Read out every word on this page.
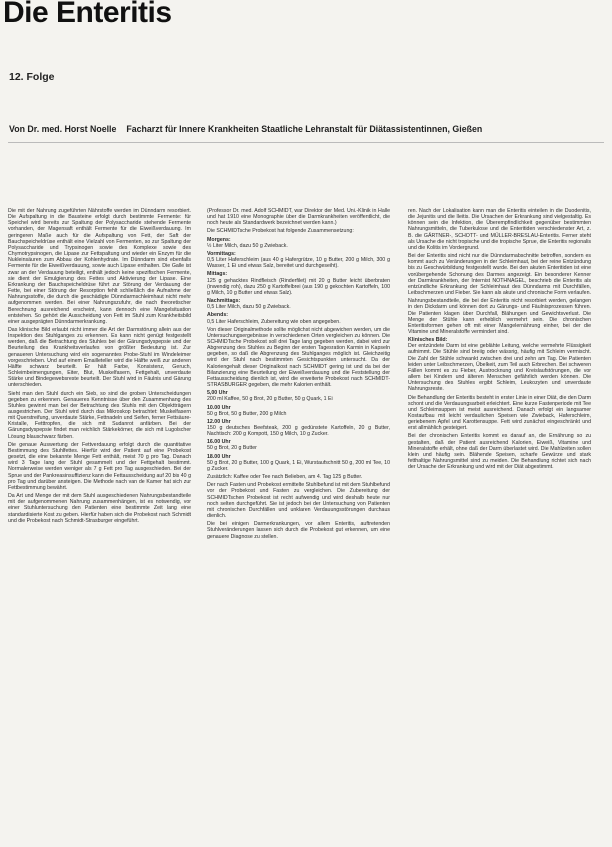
Die Enteritis
12. Folge
Von Dr. med. Horst Noelle Facharzt für Innere Krankheiten Staatliche Lehranstalt für Diätassistentinnen, Gießen

Die mit der Nahrung zugeführten Nährstoffe werden im Dünndarm resorbiert. Die Aufspaltung in die Bausteine erfolgt durch bestimmte Fermente: für Speichel wird bereits zur Spaltung der Polysaccharide stehende Fermente vorhanden, der Magensaft enthält Fermente für die Eiweißverdauung. Im geringeren Maße auch für die Aufspaltung von Fett, der Saft der Bauchspeicheldrüse enthält eine Vielzahl von Fermenten, so zur Spaltung der Polysaccharide und Trypsinogen sowie des Komplexe sowie des Chymotrypsinogen, die Lipase zur Fettspaltung und wieder ein Enzym für die Nukleinsäuren zum Abbau der Kohlenhydrate. Im Dünndarm sind ebenfalls Fermente für die Eiweißverdauung, sowie auch Lipase enthalten. Die Galle ist zwar an der Verdauung beteiligt, enthält jedoch keine spezifischen Fermente, sie dient der Emulgierung des Fettes und Aktivierung der Lipase. Eine Erkrankung der Bauchspeicheldrüse führt zur Störung der Verdauung der Fette, bei einer Störung der Resorption fehlt schließlich die Aufnahme der Nahrungsstoffe, die durch die geschädigte Dünndarmschleimhaut nicht mehr aufgenommen werden. Bei einer Nahrungszufuhr, die nach theoretischer Berechnung ausreichend erscheint, kann dennoch eine Mangelsituation entstehen. So gehört die Ausscheidung von Fett im Stuhl zum Krankheitsbild einer ausgeprägten Dünndarmerkrankung.

Das klinische Bild erlaubt nicht immer die Art der Darmstörung allein aus der Inspektion des Stuhlganges zu erkennen. Es kann nicht genügt festgestellt werden, daß die Betrachtung des Stuhles bei der Gärungsdyspepsie und der Beurteilung des Krankheitsverlaufes von größter Bedeutung ist. Zur genaueren Untersuchung wird ein sogenanntes Probe-Stuhl im Windeleimer vorgeschrieben. Und auf einem Emailleteller wird die Hälfte weiß zur anderen Hälfte schwarz beurteilt. Er hält Farbe, Konsistenz, Geruch, Schleimbeimengungen, Eiter, Blut, Muskelfasern, Fettgehalt, unverdaute Stärke und Bindegewebsreste beurteilt. Der Stuhl wird in Fäulnis und Gärung unterschieden.

Sieht man den Stuhl durch ein Sieb, so sind die groben Unterscheidungen gegeben zu erkennen. Genaueres Kenntnisse über den Zusammenhang des Stuhles gewinnt man bei der Betrachtung des Stuhls mit den Objektträgern ausgestrichen. Der Stuhl wird durch das Mikroskop betrachtet: Muskelfasern mit Querstreifung, unverdaute Stärke, Fettnadeln und Seifen, ferner Fettsäure-Kristalle, Fetttropfen, die sich mit Sudanrot anfärben. Bei der Gärungsdyspepsie findet man reichlich Stärkekörner, die sich mit Lugolscher Lösung blauschwarz färben.

Die genaue Auswertung der Fettverdauung erfolgt durch die quantitative Bestimmung des Stuhlfettes. Hierfür wird der Patient auf eine Probekost gesetzt, die eine bekannte Menge Fett enthält, meist 70 g pro Tag. Danach wird 3 Tage lang der Stuhl gesammelt und der Fettgehalt bestimmt. Normalerweise werden weniger als 7 g Fett pro Tag ausgeschieden. Bei der Sprue und der Pankreasinsuffizienz kann die Fettausscheidung auf 20 bis 40 g pro Tag und darüber ansteigen. Die Methode nach van de Kamer hat sich zur Fettbestimmung bewährt.

Da Art und Menge der mit dem Stuhl ausgeschiedenen Nahrungsbestandteile mit der aufgenommenen Nahrung zusammenhängen, ist es notwendig, vor einer Stuhluntersuchung den Patienten eine bestimmte Zeit lang eine standardisierte Kost zu geben. Hierfür haben sich die Probekost nach Schmidt und die Probekost nach Schmidt-Strasburger eingeführt.

(Professor Dr. med. Adolf SCHMIDT, war Direktor der Med. Uni.-Klinik in Halle und hat 1910 eine Monographie über die Darmkrankheiten veröffentlicht, die noch heute als Standardwerk bezeichnet werden kann.)

Die SCHMIDTsche Probekost hat folgende Zusammensetzung:

Morgens:

½ Liter Milch, dazu 50 g Zwieback.

Vormittags:

0,5 Liter Haferschleim (aus 40 g Hafergrütze, 10 g Butter, 200 g Milch, 300 g Wasser, 1 Ei und etwas Salz, bereitet und durchgeseiht).

Mittags:

125 g gehacktes Rindfleisch (Rinderfilet) mit 20 g Butter leicht überbraten (inwendig roh), dazu 250 g Kartoffelbrei (aus 190 g gekochten Kartoffeln, 100 g Milch, 10 g Butter und etwas Salz).

Nachmittags:

0,5 Liter Milch, dazu 50 g Zwieback.

Abends:

0,5 Liter Haferschleim, Zubereitung wie oben angegeben.

Von dieser Originalmethode sollte möglichst nicht abgewichen werden, um die Untersuchungsergebnisse in verschiedenen Orten vergleichen zu können. Die SCHMIDTsche Probekost soll drei Tage lang gegeben werden, dabei wird zur Abgrenzung des Stuhles zu Beginn der ersten Tagesration Karmin in Kapseln gegeben, so daß die Abgrenzung des Stuhlganges möglich ist. Gleichzeitig wird der Stuhl nach bestimmten Gesichtspunkten untersucht. Da der Kaloriengehalt dieser Originalkost nach SCHMIDT gering ist und da bei der Bilanzierung eine Beurteilung der Eiweißverdauung und die Feststellung der Fettausscheidung dienlich ist, wird die erweiterte Probekost nach SCHMIDT-STRASBURGER gegeben, die mehr Kalorien enthält.

5,00 Uhr

200 ml Kaffee, 50 g Brot, 20 g Butter, 50 g Quark, 1 Ei

10.00 Uhr

50 g Brot, 50 g Butter, 200 g Milch

12.00 Uhr

150 g deutsches Beefsteak, 200 g gedünstete Kartoffeln, 20 g Butter, Nachtisch: 200 g Kompott, 150 g Milch, 10 g Zucker.

16.00 Uhr

50 g Brot, 20 g Butter

18.00 Uhr

50 g Brot, 20 g Butter, 100 g Quark, 1 Ei, Wurstaufschnitt 50 g, 200 ml Tee, 10 g Zucker.

Zusätzlich: Kaffee oder Tee nach Belieben, am 4. Tag 125 g Butter.

Der nach Fasten und Probekost ermittelte Stuhlbefund ist mit dem Stuhlbefund vor der Probekost und Fasten zu vergleichen. Die Zubereitung der SCHMIDTschen Probekost ist recht aufwendig und wird deshalb heute nur noch selten durchgeführt. Sie ist jedoch bei der Untersuchung von Patienten mit chronischen Durchfällen und unklaren Verdauungsstörungen durchaus dienlich.

Die bei einigen Darmerkrankungen, vor allem Enteritis, auftretenden Stuhlveränderungen lassen sich durch die Probekost gut erkennen, um eine genauere Diagnose zu stellen.

ren. Nach der Lokalisation kann man die Enteritis einteilen in die Duodenitis, die Jejunitis und die Ileitis. Die Ursachen der Erkrankung sind vielgestaltig. Es können sein die Infektion, die Überempfindlichkeit gegenüber bestimmten Nahrungsmitteln, die Tuberkulose und die Enteritiden verschiedenster Art, z. B. die GÄRTNER-, SCHOTT- und MÜLLER-BRESLAU-Enteritis. Ferner steht als Ursache die nicht tropische und die tropische Sprue, die Enteritis regionalis und die Kolitis im Vordergrund.

Bei der Enteritis sind nicht nur die Dünndarmabschnitte betroffen, sondern es kommt auch zu Veränderungen in der Schleimhaut, bei der reine Entzündung bis zu Geschwürbildung festgestellt wurde. Bei den akuten Enteritiden ist eine vorübergehende Schonung des Darmes angezeigt. Ein besonderer Kenner der Darmkrankheiten, der Internist NOTHNAGEL, beschrieb die Enteritis als entzündliche Erkrankung der Schleimhaut des Dünndarms mit Durchfällen, Leibschmerzen und Fieber. Sie kann als akute und chronische Form verlaufen.

Nahrungsbestandteile, die bei der Enteritis nicht resorbiert werden, gelangen in den Dickdarm und können dort zu Gärungs- und Fäulnisprozessen führen. Die Patienten klagen über Durchfall, Blähungen und Gewichtsverlust. Die Menge der Stühle kann erheblich vermehrt sein. Die chronischen Enteritisformen gehen oft mit einer Mangelernährung einher, bei der die Vitamine und Mineralstoffe vermindert sind.

Klinisches Bild:

Der entzündete Darm ist eine geblähte Leitung, welche vermehrte Flüssigkeit aufnimmt. Die Stühle sind breiig oder wässrig, häufig mit Schleim vermischt. Die Zahl der Stühle schwankt zwischen drei und zehn am Tag. Die Patienten leiden unter Leibschmerzen, Übelkeit, zum Teil auch Erbrechen. Bei schweren Fällen kommt es zu Fieber, Austrocknung und Kreislaufstörungen, die vor allem bei Kindern und älteren Menschen gefährlich werden können. Die Untersuchung des Stuhles ergibt Schleim, Leukozyten und unverdaute Nahrungsreste.

Die Behandlung der Enteritis besteht in erster Linie in einer Diät, die den Darm schont und die Verdauungsarbeit erleichtert. Eine kurze Fastenperiode mit Tee und Schleimsuppen ist meist ausreichend. Danach erfolgt ein langsamer Kostaufbau mit leicht verdaulichen Speisen wie Zwieback, Haferschleim, geriebenem Apfel und Karottensuppe. Fett wird zunächst eingeschränkt und erst allmählich gesteigert.

Bei der chronischen Enteritis kommt es darauf an, die Ernährung so zu gestalten, daß der Patient ausreichend Kalorien, Eiweiß, Vitamine und Mineralstoffe erhält, ohne daß der Darm überlastet wird. Die Mahlzeiten sollen klein und häufig sein. Blähende Speisen, scharfe Gewürze und stark fetthaltige Nahrungsmittel sind zu meiden. Die Behandlung richtet sich nach der Ursache der Erkrankung und wird mit der Diät abgestimmt.
